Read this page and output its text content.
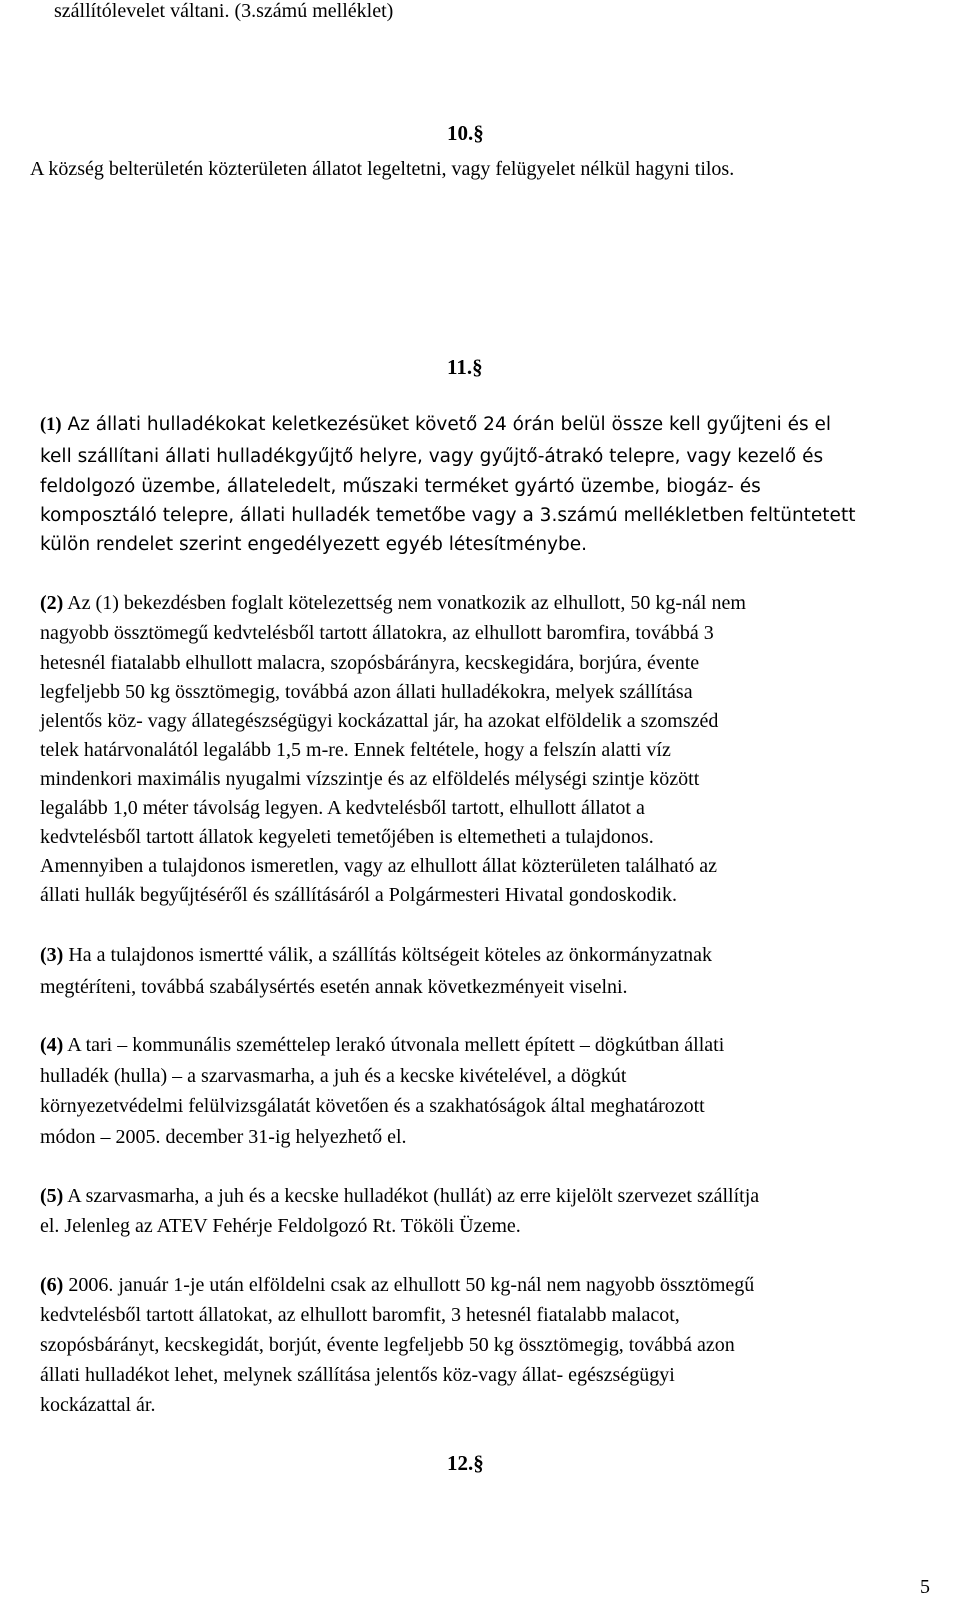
szállítólevelet váltani. (3.számú melléklet)
10.§
A község belterületén közterületen állatot legeltetni, vagy felügyelet nélkül hagyni tilos.
11.§
(1) Az állati hulladékokat keletkezésüket követő 24 órán belül össze kell gyűjteni és el
kell szállítani állati hulladékgyűjtő helyre, vagy gyűjtő-átrakó telepre, vagy kezelő és
feldolgozó üzembe, állateledelt, műszaki terméket gyártó üzembe, biogáz- és
komposztáló telepre, állati hulladék temetőbe vagy a 3.számú mellékletben feltüntetett
külön rendelet szerint engedélyezett egyéb létesítménybe.
(2) Az (1) bekezdésben foglalt kötelezettség nem vonatkozik az elhullott, 50 kg-nál nem
nagyobb össztömegű kedvtelésből tartott állatokra, az elhullott baromfira, továbbá 3
hetesnél fiatalabb elhullott malacra, szopósbárányra, kecskegidára, borjúra, évente
legfeljebb 50 kg össztömegig, továbbá azon állati hulladékokra, melyek szállítása
jelentős köz- vagy állategészségügyi kockázattal jár, ha azokat elföldelik a szomszéd
telek határvonalától legalább 1,5 m-re. Ennek feltétele, hogy a felszín alatti víz
mindenkori maximális nyugalmi vízszintje és az elföldelés mélységi szintje között
legalább 1,0 méter távolság legyen. A kedvtelésből tartott, elhullott állatot a
kedvtelésből tartott állatok kegyeleti temetőjében is eltemetheti a tulajdonos.
Amennyiben a tulajdonos ismeretlen, vagy az elhullott állat közterületen található az
állati hullák begyűjtéséről és szállításáról a Polgármesteri Hivatal gondoskodik.
(3) Ha a tulajdonos ismertté válik, a szállítás költségeit köteles az önkormányzatnak
megtéríteni, továbbá szabálysértés esetén annak következményeit viselni.
(4) A tari – kommunális szeméttelep lerakó útvonala mellett épített – dögkútban állati
hulladék (hulla) – a szarvasmarha, a juh és a kecske kivételével, a dögkút
környezetvédelmi felülvizsgálatát követően és a szakhatóságok által meghatározott
módon – 2005. december 31-ig helyezhető el.
(5) A szarvasmarha, a juh és a kecske hulladékot (hullát) az erre kijelölt szervezet szállítja
el. Jelenleg az ATEV Fehérje Feldolgozó Rt. Tököli Üzeme.
(6) 2006. január 1-je után elföldelni csak az elhullott 50 kg-nál nem nagyobb össztömegű
kedvtelésből tartott állatokat, az elhullott baromfit, 3 hetesnél fiatalabb malacot,
szopósbárányt, kecskegidát, borjút, évente legfeljebb 50 kg össztömegig, továbbá azon
állati hulladékot lehet, melynek szállítása jelentős köz-vagy állat- egészségügyi
kockázattal ár.
12.§
5
